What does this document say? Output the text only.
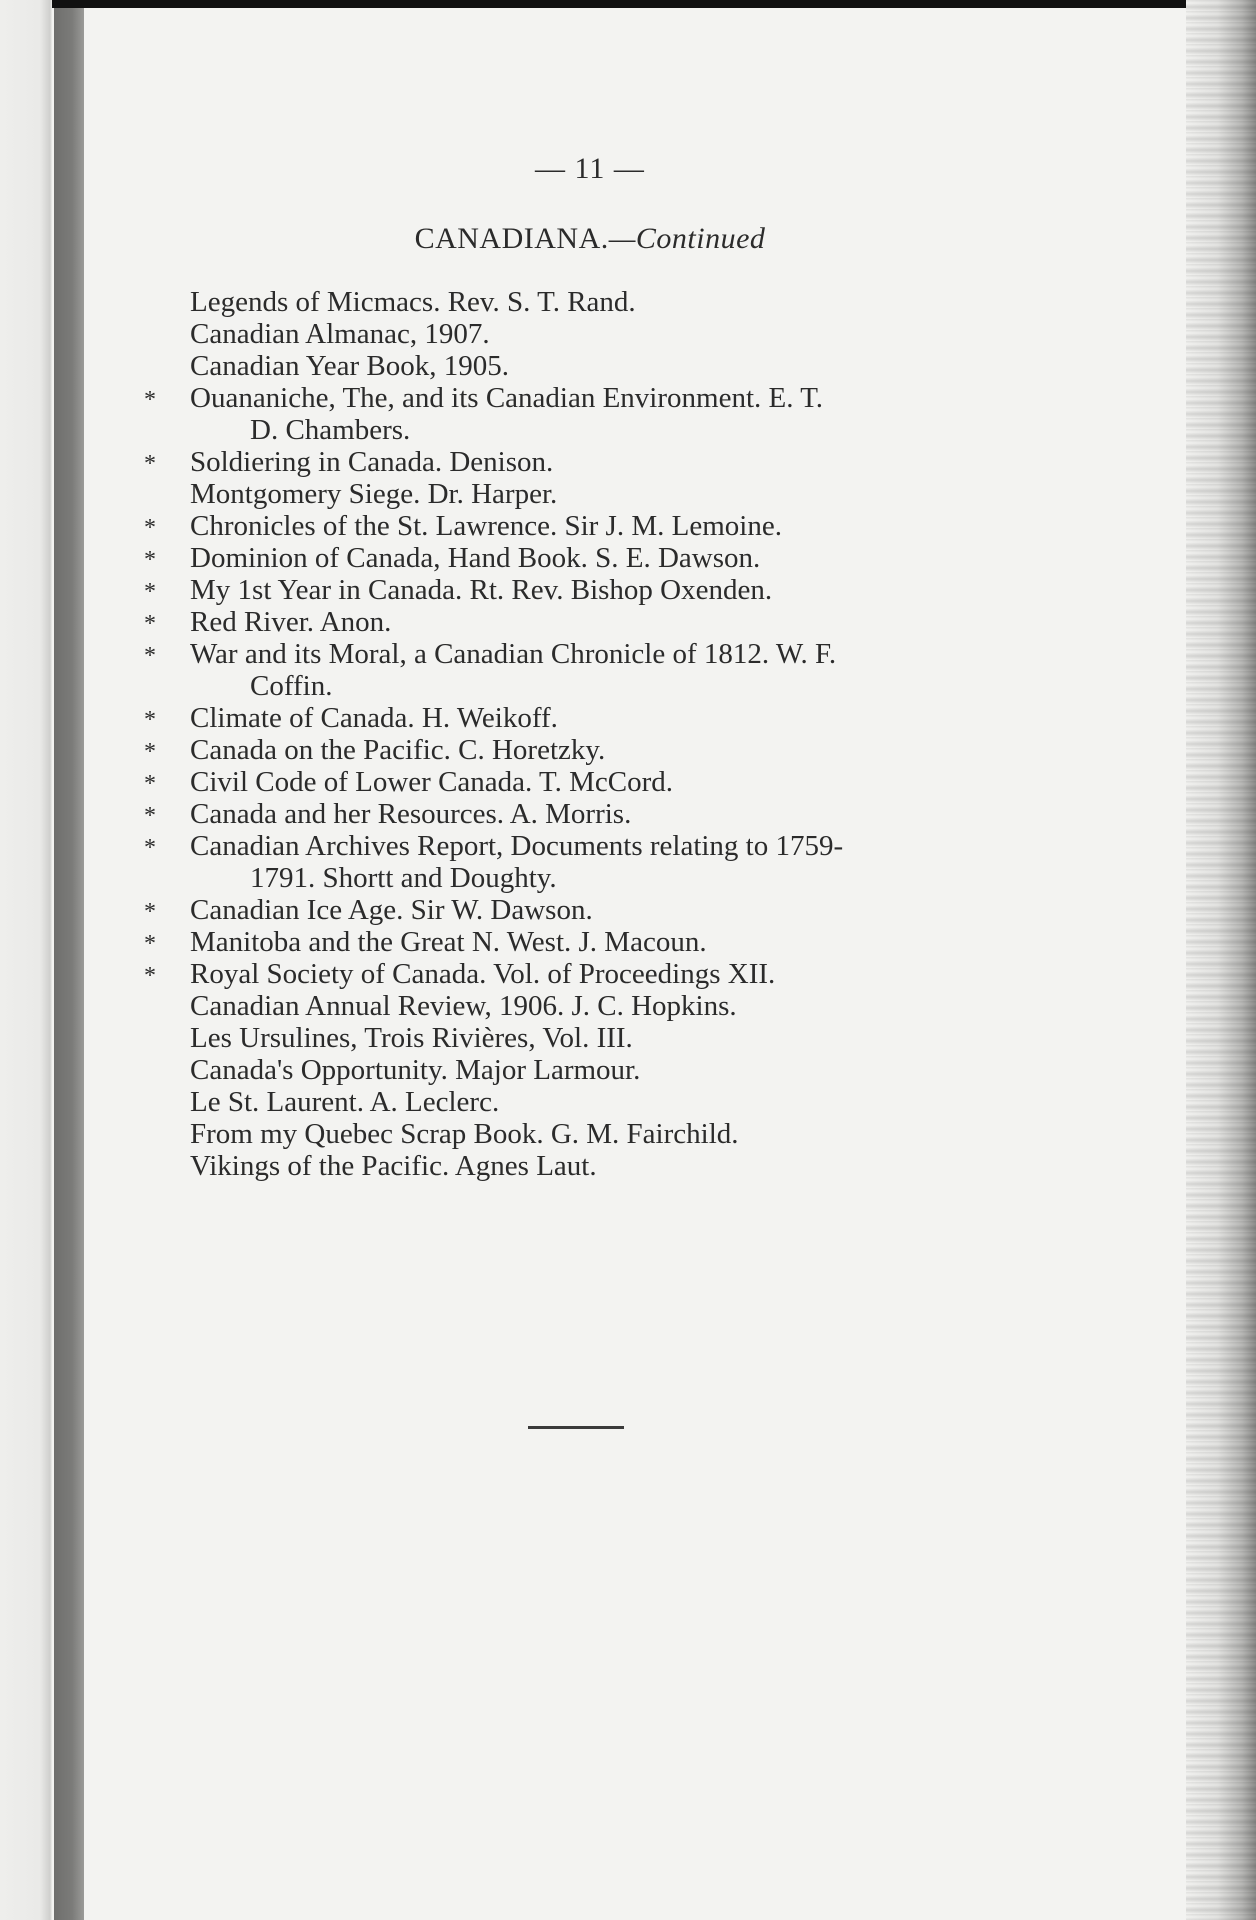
— 11 —
CANADIANA.—Continued
Legends of Micmacs. Rev. S. T. Rand.
Canadian Almanac, 1907.
Canadian Year Book, 1905.
* Ouananiche, The, and its Canadian Environment. E. T.
D. Chambers.
* Soldiering in Canada. Denison.
Montgomery Siege. Dr. Harper.
* Chronicles of the St. Lawrence. Sir J. M. Lemoine.
* Dominion of Canada, Hand Book. S. E. Dawson.
* My 1st Year in Canada. Rt. Rev. Bishop Oxenden.
* Red River. Anon.
* War and its Moral, a Canadian Chronicle of 1812. W. F.
Coffin.
* Climate of Canada. H. Weikoff.
* Canada on the Pacific. C. Horetzky.
* Civil Code of Lower Canada. T. McCord.
* Canada and her Resources. A. Morris.
* Canadian Archives Report, Documents relating to 1759-
1791. Shortt and Doughty.
* Canadian Ice Age. Sir W. Dawson.
* Manitoba and the Great N. West. J. Macoun.
* Royal Society of Canada. Vol. of Proceedings XII.
Canadian Annual Review, 1906. J. C. Hopkins.
Les Ursulines, Trois Rivières, Vol. III.
Canada's Opportunity. Major Larmour.
Le St. Laurent. A. Leclerc.
From my Quebec Scrap Book. G. M. Fairchild.
Vikings of the Pacific. Agnes Laut.
